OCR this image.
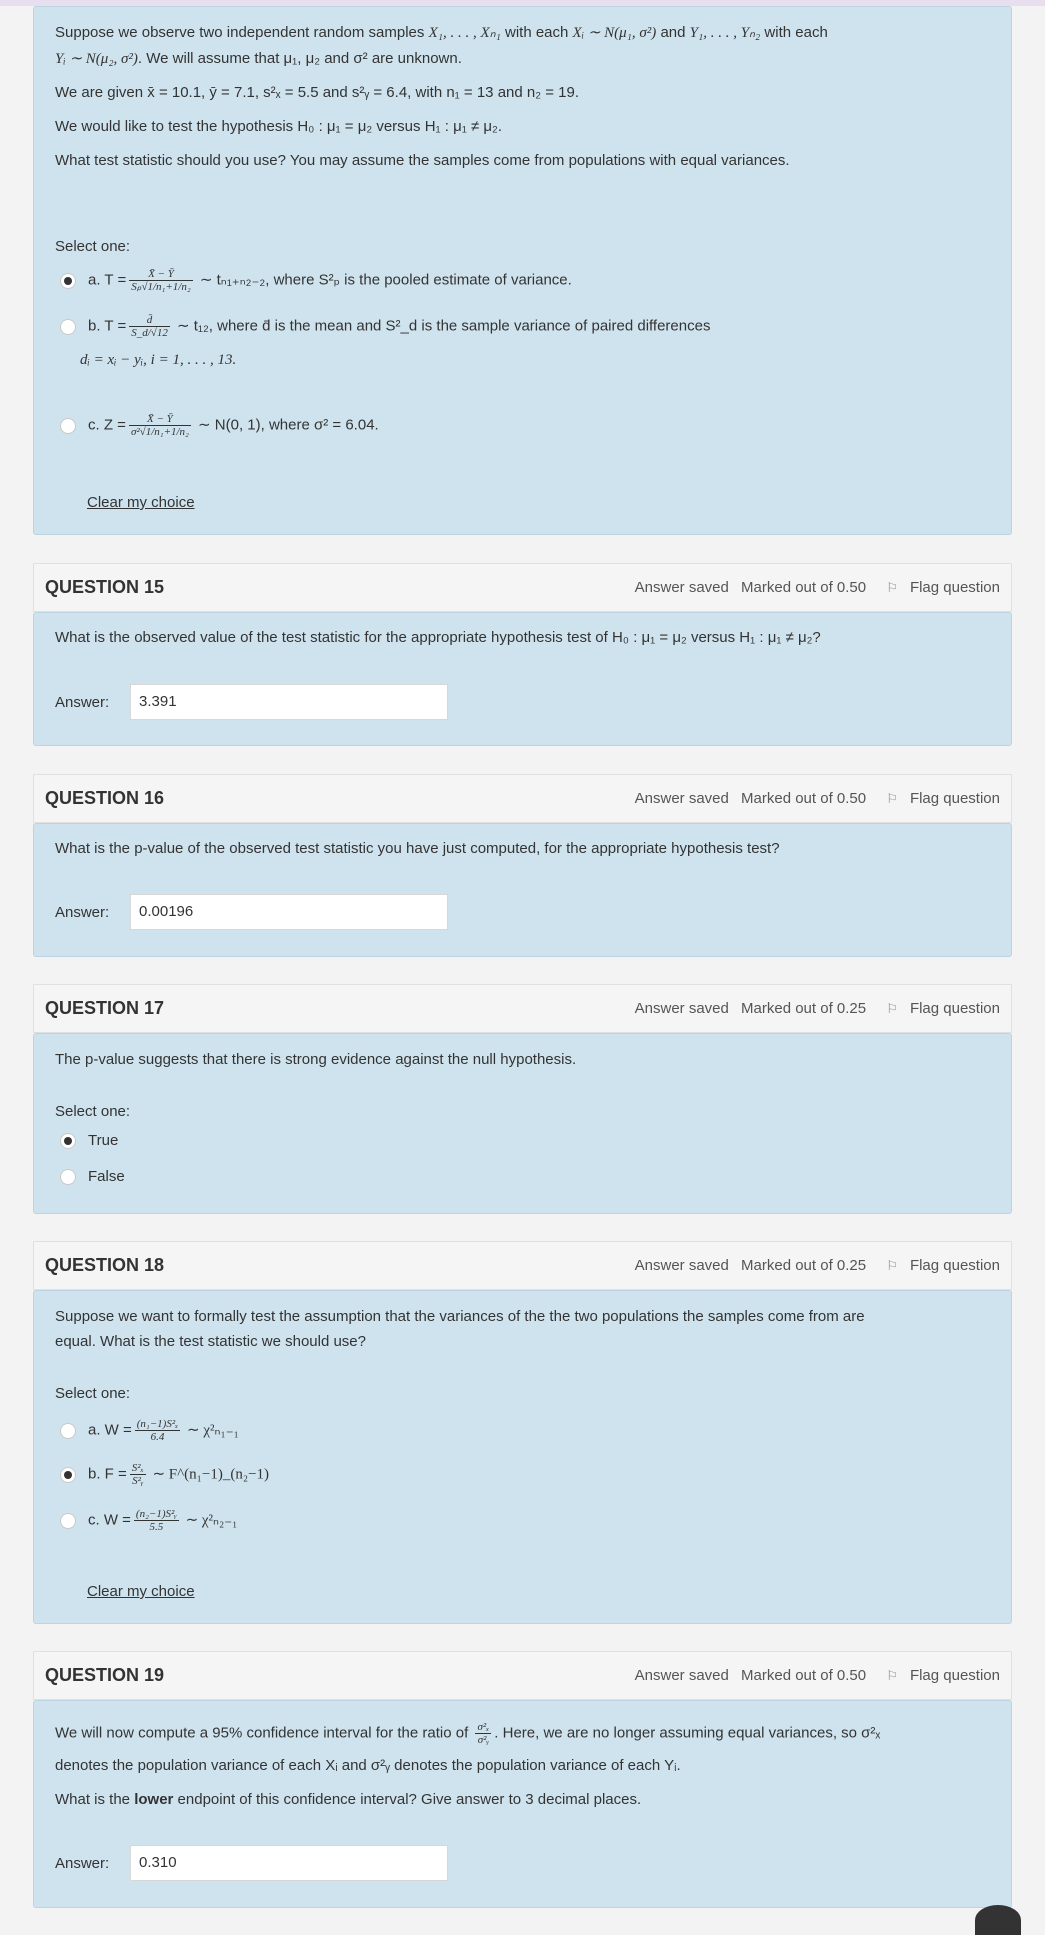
Suppose we observe two independent random samples X₁, . . . , Xₙ₁ with each Xᵢ ∼ N(μ₁, σ²) and Y₁, . . . , Yₙ₂ with each
Yᵢ ∼ N(μ₂, σ²). We will assume that μ₁, μ₂ and σ² are unknown.
We are given x̄ = 10.1, ȳ = 7.1, s²ₓ = 5.5 and s²ᵧ = 6.4, with n₁ = 13 and n₂ = 19.
We would like to test the hypothesis H₀ : μ₁ = μ₂ versus H₁ : μ₁ ≠ μ₂.
What test statistic should you use? You may assume the samples come from populations with equal variances.
Select one:
a. $T = \frac{X̄ - Ȳ}{\text{Sₚ√1/n₁+1/n₂}}$ ∼ tₙ₁₊ₙ₂₋₂, where S²ₚ is the pooled estimate of variance.
b. $T = \frac{d̄}{S\_d/√12}$ ∼ t₁₂, where d̄ is the mean and S²_d is the sample variance of paired differences
dᵢ = xᵢ − yᵢ, i = 1, . . . , 13.
c. $Z = \frac{X̄ - Ȳ}{\text{σ²√1/n₁+1/n₂}}$ ∼ N(0, 1), where σ² = 6.04.
Clear my choice
QUESTION 15	Answer saved Marked out of 0.50 ⚐ Flag question
What is the observed value of the test statistic for the appropriate hypothesis test of H₀ : μ₁ = μ₂ versus H₁ : μ₁ ≠ μ₂?
Answer:	3.391
QUESTION 16	Answer saved Marked out of 0.50 ⚐ Flag question
What is the p-value of the observed test statistic you have just computed, for the appropriate hypothesis test?
Answer:	0.00196
QUESTION 17	Answer saved Marked out of 0.25 ⚐ Flag question
The p-value suggests that there is strong evidence against the null hypothesis.
Select one:
True
False
QUESTION 18	Answer saved Marked out of 0.25 ⚐ Flag question
Suppose we want to formally test the assumption that the variances of the the two populations the samples come from are
equal. What is the test statistic we should use?
Select one:
a. $W = \frac{\text{(n₁−1)S²ₓ}}{6.4}$ ∼ χ²ₙ₁₋₁
b. $F = \frac{\text{S²ₓ}}{\text{S²ᵧ}}$ ∼ F^(n₁−1)_(n₂−1)
c. $W = \frac{\text{(n₂−1)S²ᵧ}}{5.5}$ ∼ χ²ₙ₂₋₁
Clear my choice
QUESTION 19	Answer saved Marked out of 0.50 ⚐ Flag question
We will now compute a 95% confidence interval for the ratio of $\frac{\text{σ²ₓ}}{\text{σ²ᵧ}}$ . Here, we are no longer assuming equal variances, so σ²ₓ
denotes the population variance of each Xᵢ and σ²ᵧ denotes the population variance of each Yᵢ.
What is the lower endpoint of this confidence interval? Give answer to 3 decimal places.
Answer:	0.310
